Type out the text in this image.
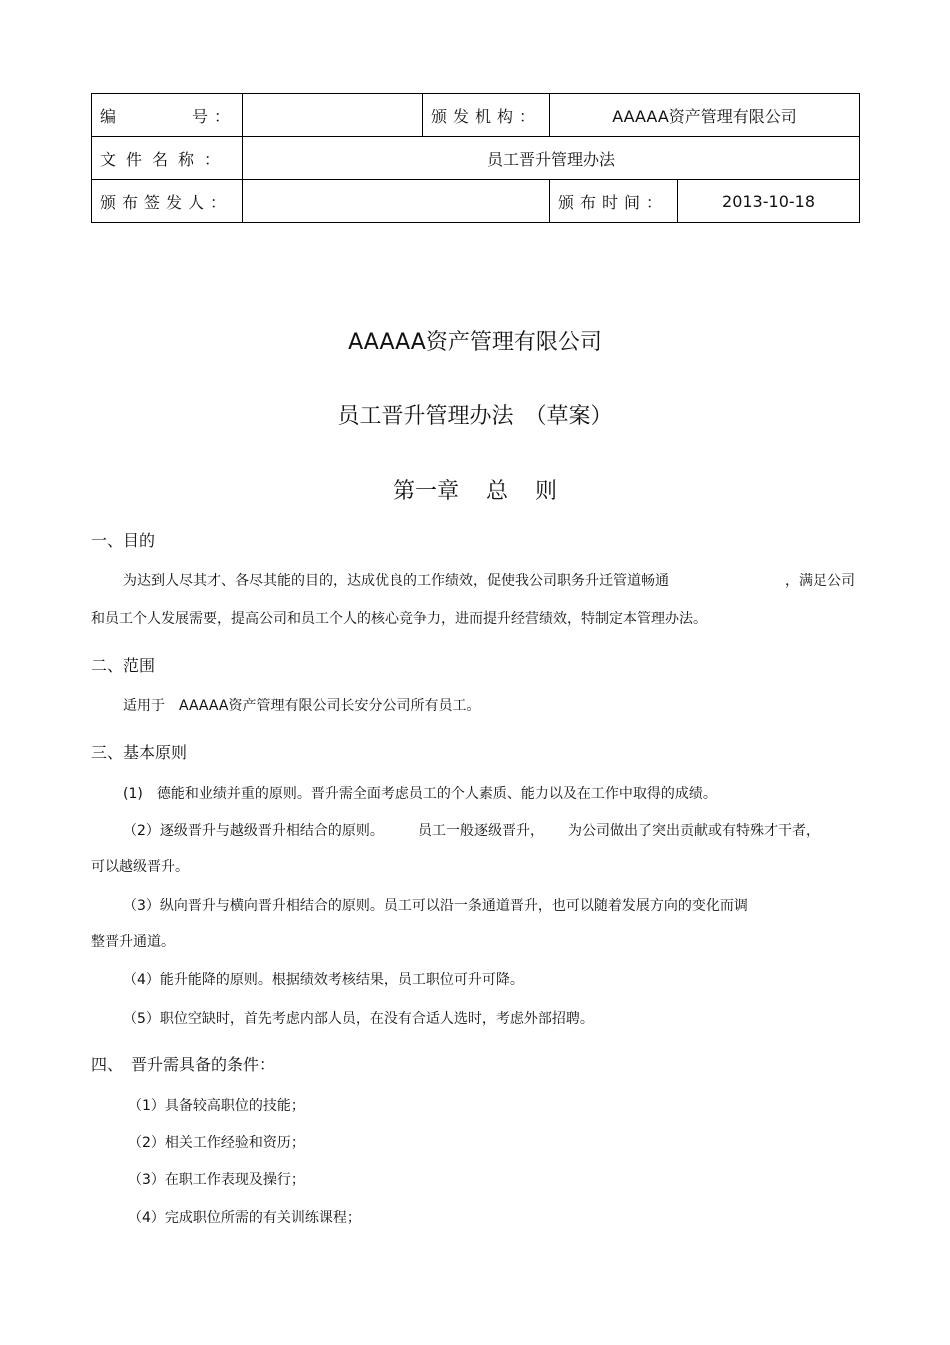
编 号：		颁发机构：	AAAAA资产管理有限公司	
文件名称：	员工晋升管理办法			
颁布签发人：			颁布时间：	2013-10-18
AAAAA资产管理有限公司
员工晋升管理办法　（草案）
第一章 总 则
一、目的
为达到人尽其才、各尽其能的目的，达成优良的工作绩效，促使我公司职务升迁管道畅通	，满足公司
和员工个人发展需要，提高公司和员工个人的核心竞争力，进而提升经营绩效，特制定本管理办法。
二、范围
适用于　AAAAA资产管理有限公司长安分公司所有员工。
三、基本原则
(1)　德能和业绩并重的原则。晋升需全面考虑员工的个人素质、能力以及在工作中取得的成绩。
（2）逐级晋升与越级晋升相结合的原则。 员工一般逐级晋升， 为公司做出了突出贡献或有特殊才干者，
可以越级晋升。
（3）纵向晋升与横向晋升相结合的原则。员工可以沿一条通道晋升，也可以随着发展方向的变化而调
整晋升通道。
（4）能升能降的原则。根据绩效考核结果，员工职位可升可降。
（5）职位空缺时，首先考虑内部人员，在没有合适人选时，考虑外部招聘。
四、　晋升需具备的条件：
（1）具备较高职位的技能；
（2）相关工作经验和资历；
（3）在职工作表现及操行；
（4）完成职位所需的有关训练课程；
